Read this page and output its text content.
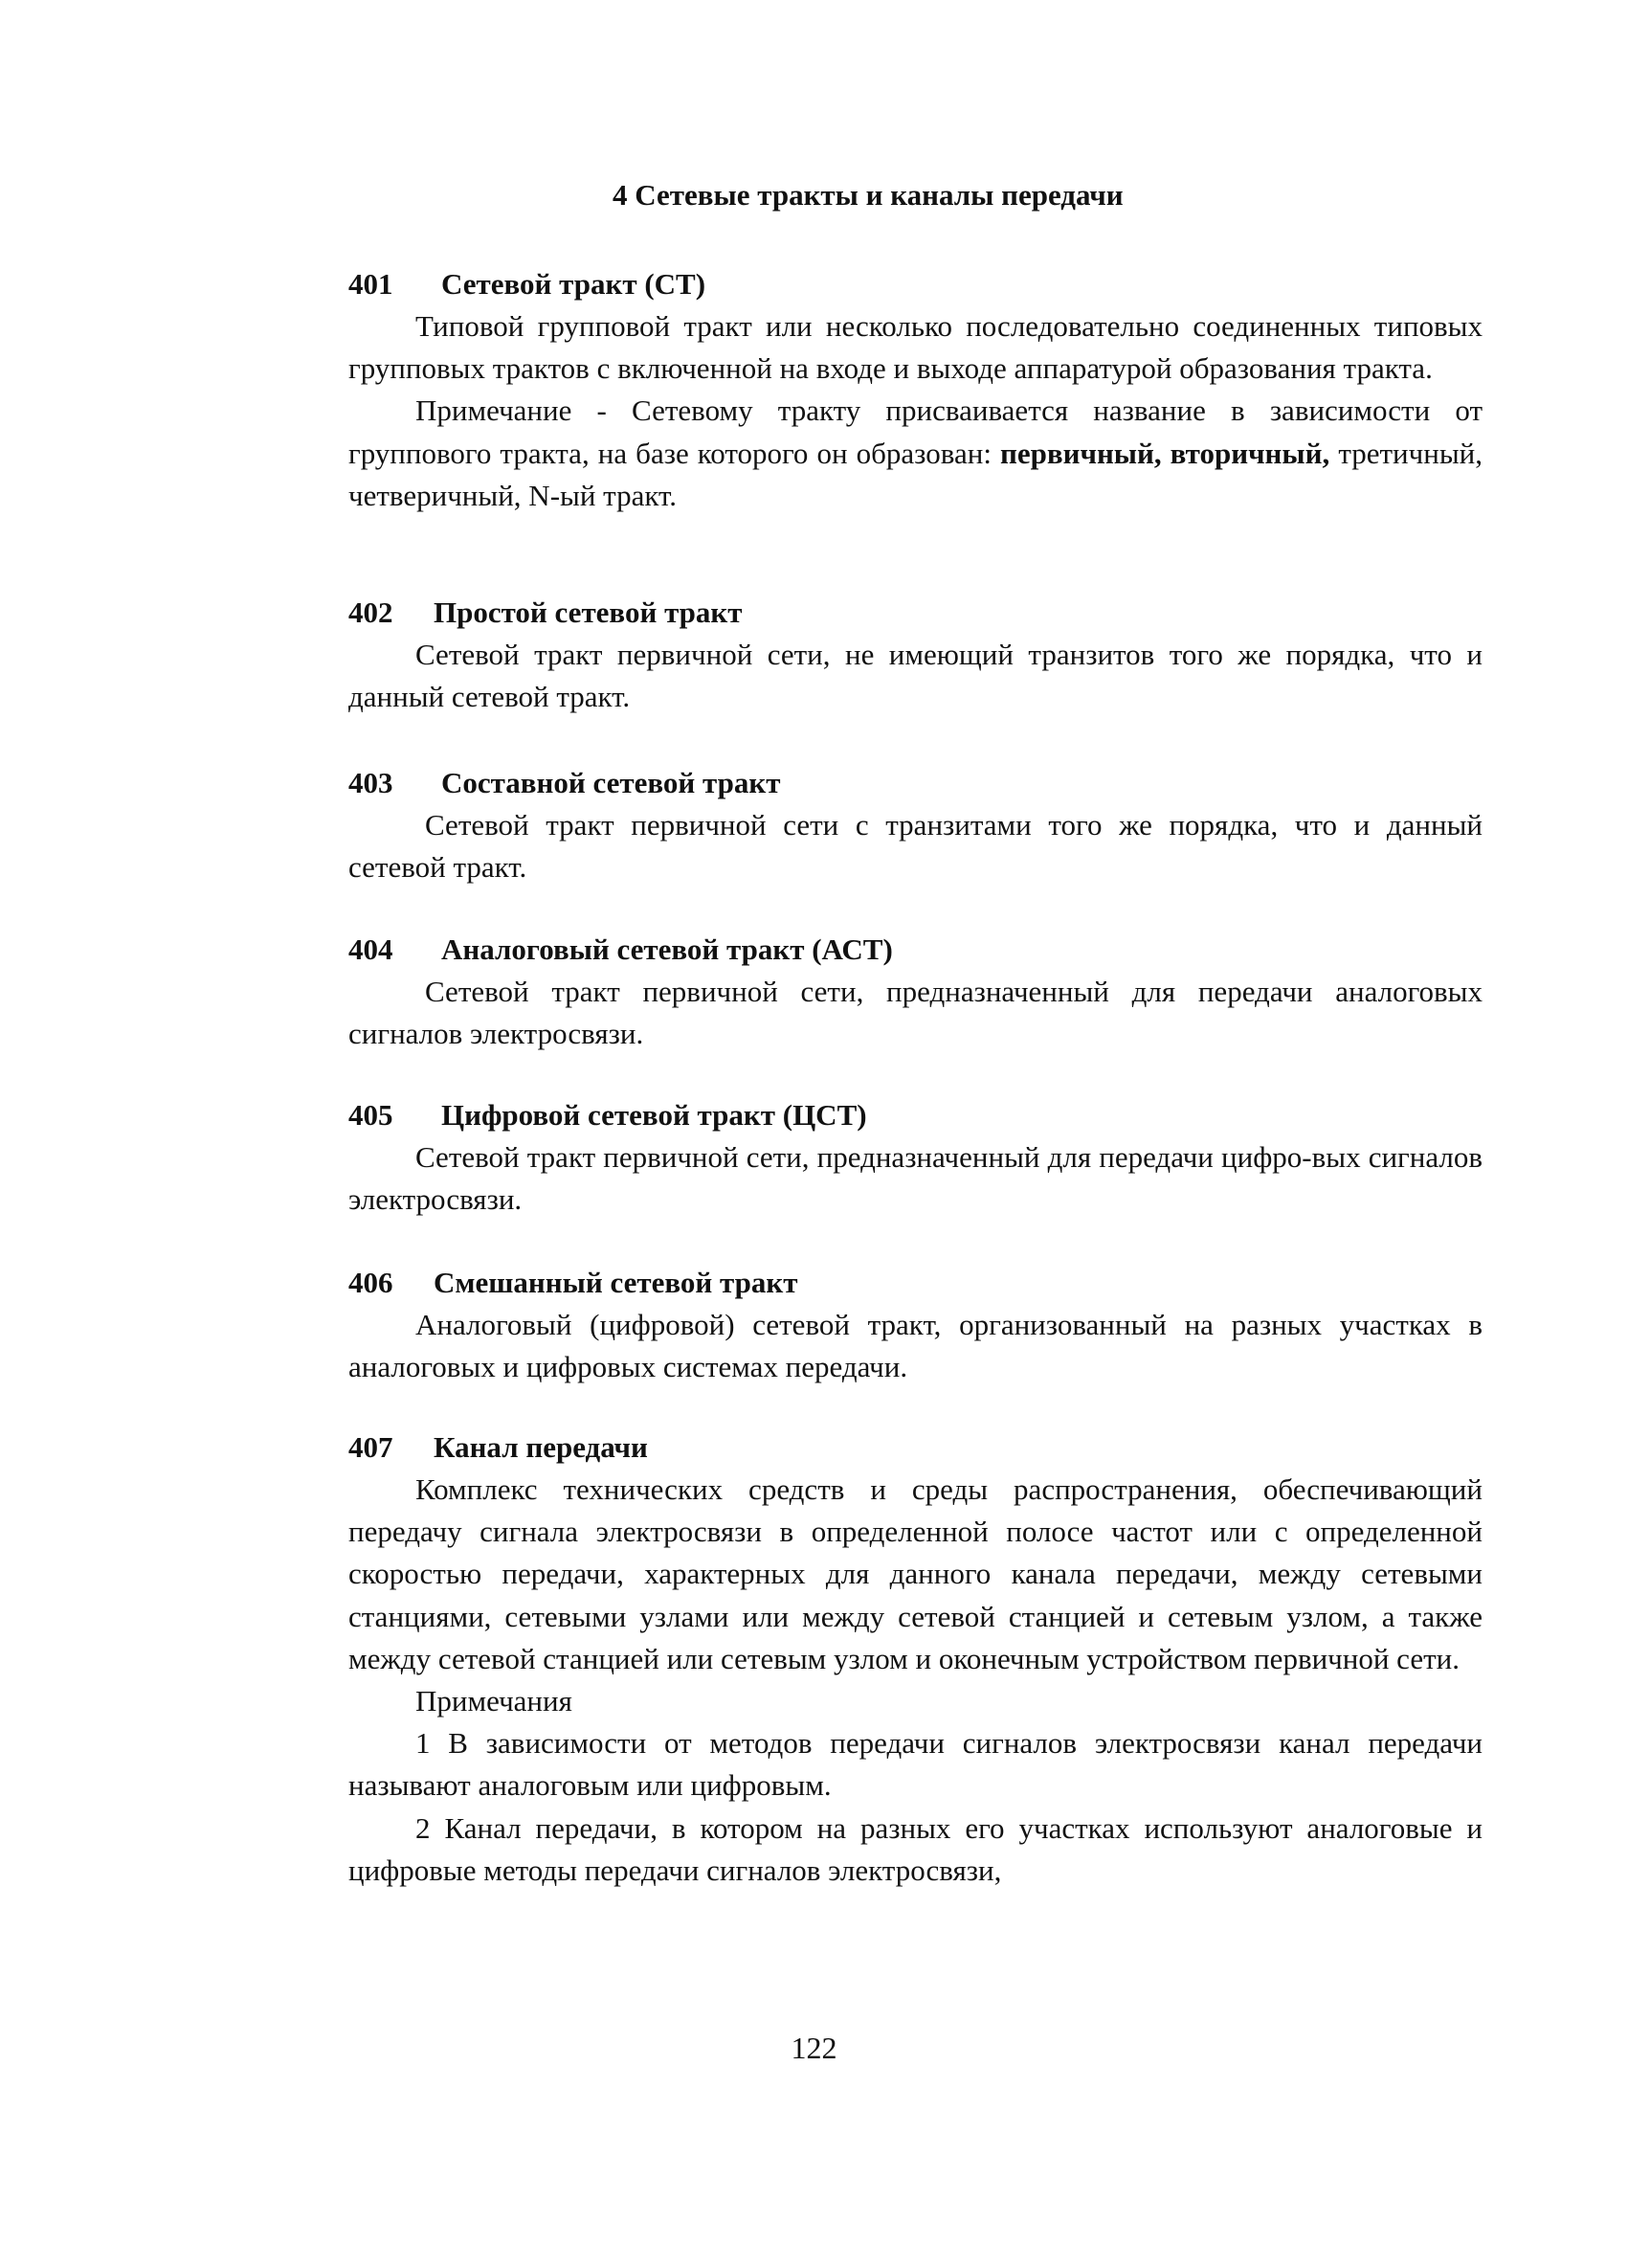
4 Сетевые тракты и каналы передачи
401 Сетевой тракт (СТ)
Типовой групповой тракт или несколько последовательно соединенных типовых групповых трактов с включенной на входе и выходе аппаратурой образования тракта.
Примечание - Сетевому тракту присваивается название в зависимости от группового тракта, на базе которого он образован: первичный, вторичный, третичный, четверичный, N-ый тракт.
402 Простой сетевой тракт
Сетевой тракт первичной сети, не имеющий транзитов того же порядка, что и данный сетевой тракт.
403 Составной сетевой тракт
Сетевой тракт первичной сети с транзитами того же порядка, что и данный сетевой тракт.
404 Аналоговый сетевой тракт (АСТ)
Сетевой тракт первичной сети, предназначенный для передачи аналоговых сигналов электросвязи.
405 Цифровой сетевой тракт (ЦСТ)
Сетевой тракт первичной сети, предназначенный для передачи цифро-вых сигналов электросвязи.
406 Смешанный сетевой тракт
Аналоговый (цифровой) сетевой тракт, организованный на разных участках в аналоговых и цифровых системах передачи.
407 Канал передачи
Комплекс технических средств и среды распространения, обеспечивающий передачу сигнала электросвязи в определенной полосе частот или с определенной скоростью передачи, характерных для данного канала передачи, между сетевыми станциями, сетевыми узлами или между сетевой станцией и сетевым узлом, а также между сетевой станцией или сетевым узлом и оконечным устройством первичной сети.
Примечания
1 В зависимости от методов передачи сигналов электросвязи канал передачи называют аналоговым или цифровым.
2 Канал передачи, в котором на разных его участках используют аналоговые и цифровые методы передачи сигналов электросвязи,
122
